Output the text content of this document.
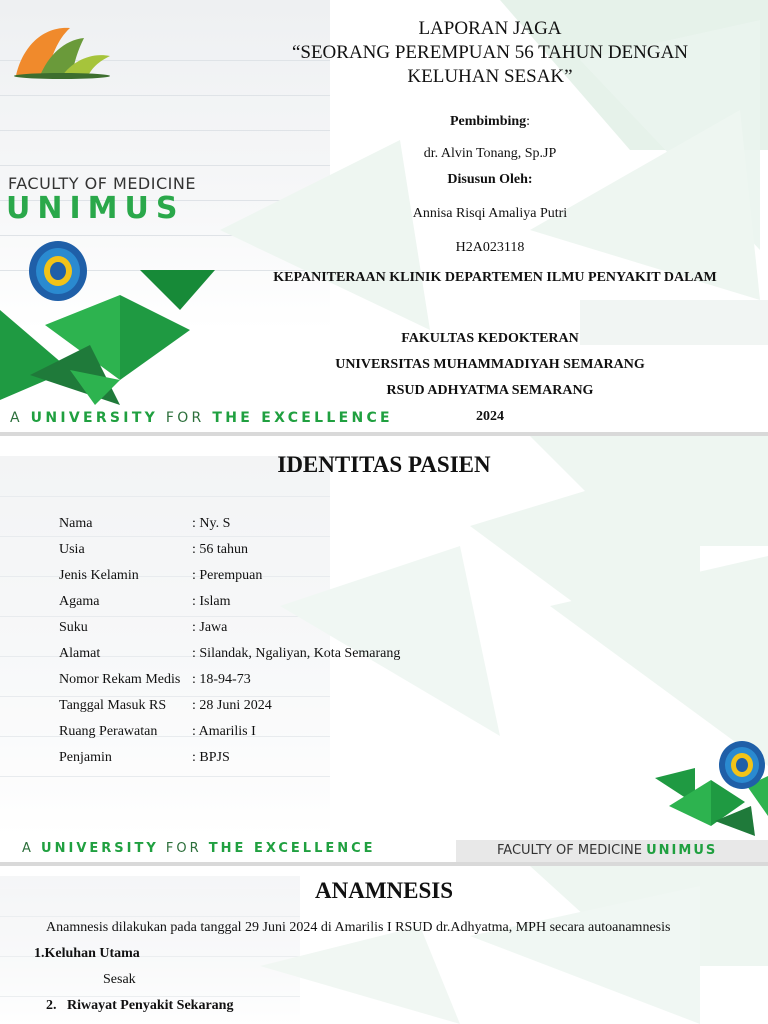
FACULTY OF MEDICINE
UNIMUS
LAPORAN JAGA
“SEORANG PEREMPUAN 56 TAHUN DENGAN
KELUHAN SESAK”
Pembimbing:
dr. Alvin Tonang, Sp.JP
Disusun Oleh:
Annisa Risqi Amaliya Putri
H2A023118
KEPANITERAAN KLINIK DEPARTEMEN ILMU PENYAKIT DALAM
FAKULTAS KEDOKTERAN
UNIVERSITAS MUHAMMADIYAH SEMARANG
RSUD ADHYATMA SEMARANG
2024
A UNIVERSITY FOR THE EXCELLENCE
IDENTITAS PASIEN
Nama	: Ny. S
Usia	: 56 tahun
Jenis Kelamin	: Perempuan
Agama	: Islam
Suku	: Jawa
Alamat	: Silandak, Ngaliyan, Kota Semarang
Nomor Rekam Medis : 18-94-73
Tanggal Masuk RS	: 28 Juni 2024
Ruang Perawatan	: Amarilis I
Penjamin	: BPJS
A UNIVERSITY FOR THE EXCELLENCE	FACULTY OF MEDICINE UNIMUS
ANAMNESIS
Anamnesis dilakukan pada tanggal 29 Juni 2024 di Amarilis I RSUD dr.Adhyatma, MPH secara autoanamnesis
1.Keluhan Utama
Sesak
2. Riwayat Penyakit Sekarang
